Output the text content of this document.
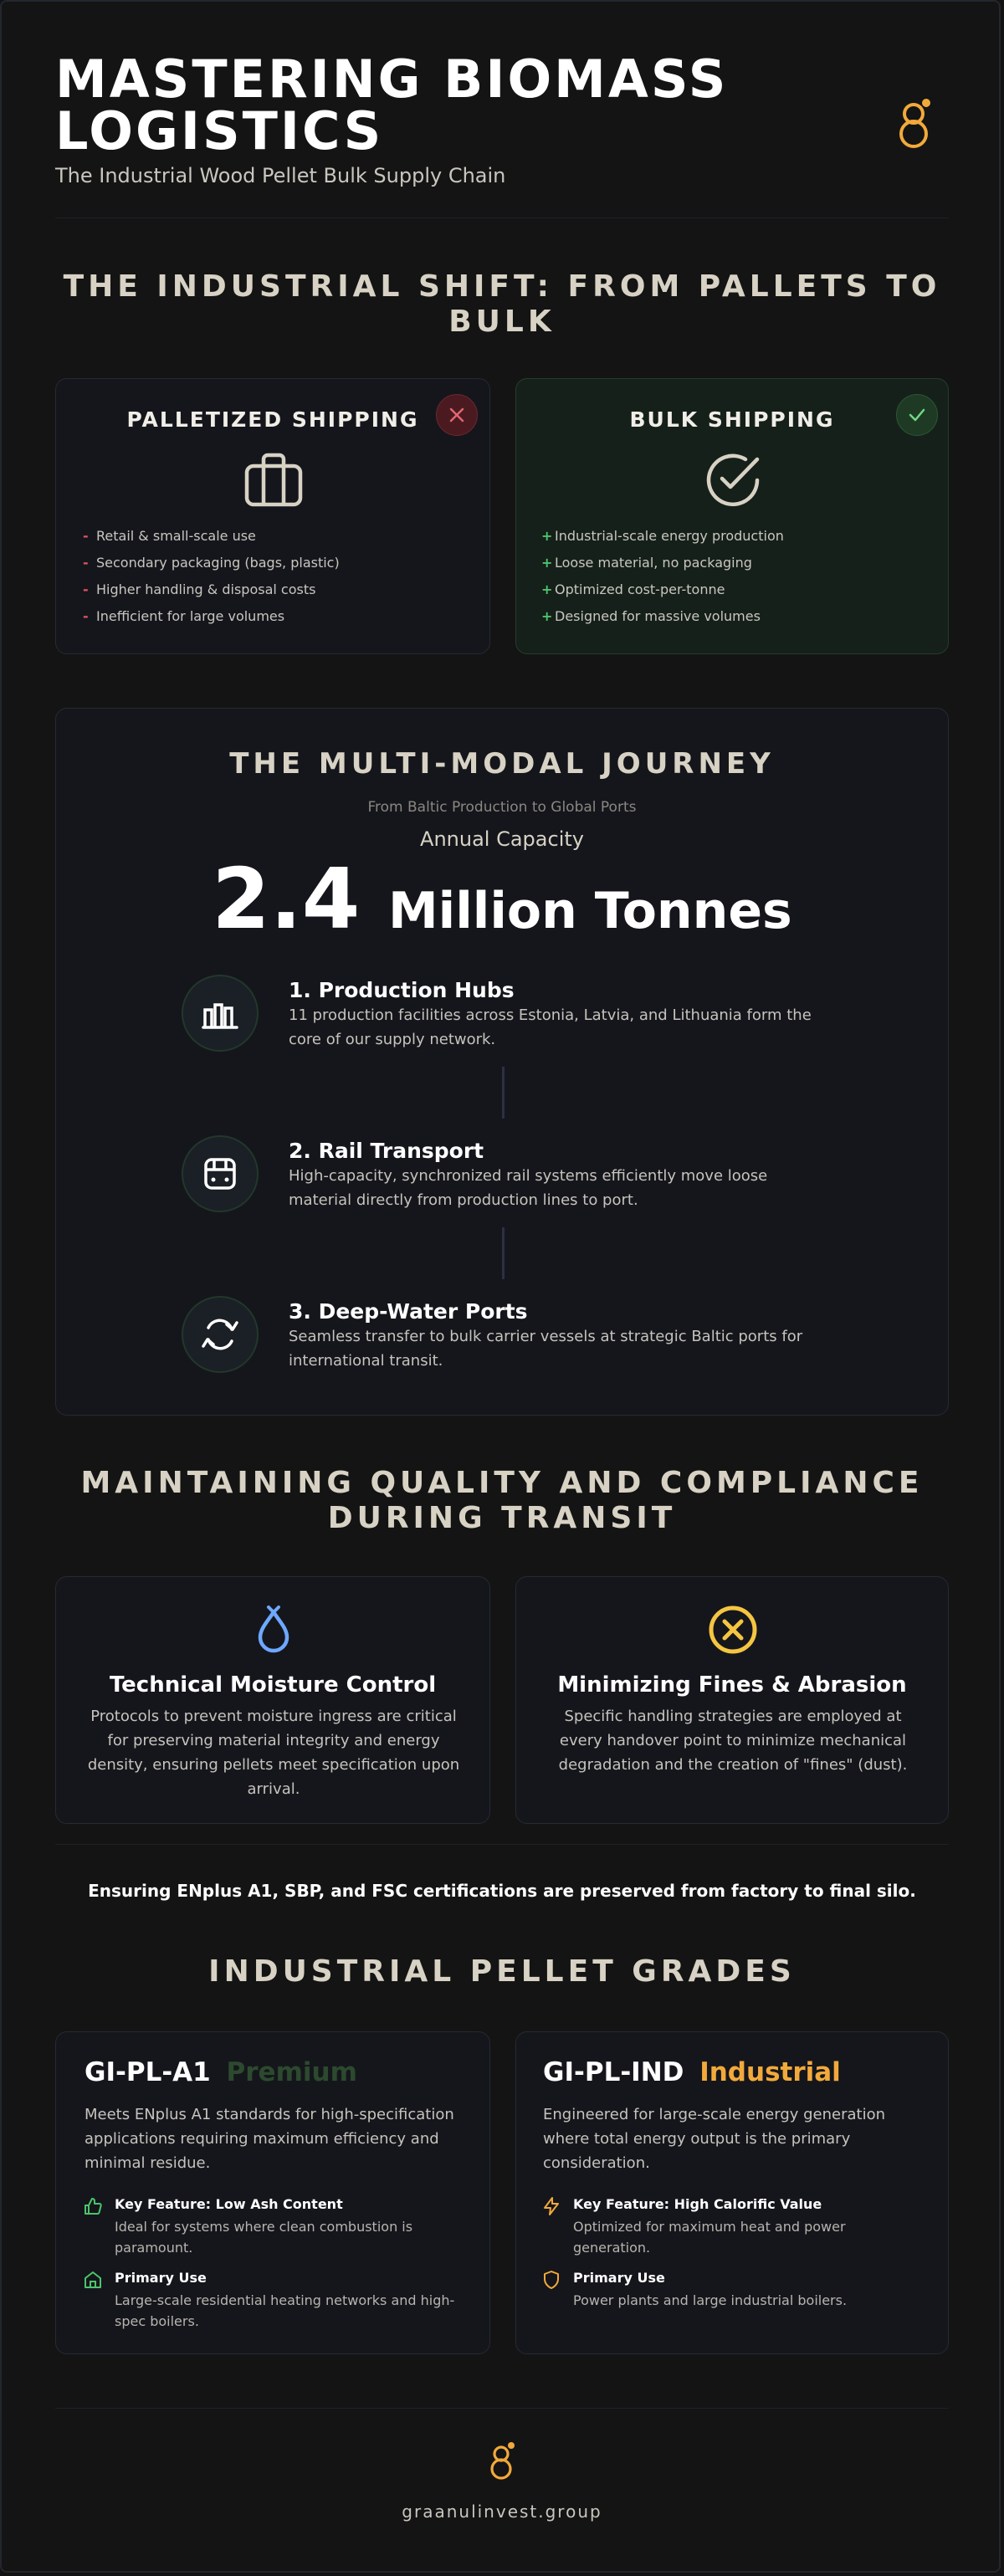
MASTERING BIOMASS LOGISTICS
The Industrial Wood Pellet Bulk Supply Chain
THE INDUSTRIAL SHIFT: FROM PALLETS TO BULK
PALLETIZED SHIPPING
- Retail & small-scale use
- Secondary packaging (bags, plastic)
- Higher handling & disposal costs
- Inefficient for large volumes
BULK SHIPPING
+ Industrial-scale energy production
+ Loose material, no packaging
+ Optimized cost-per-tonne
+ Designed for massive volumes
THE MULTI-MODAL JOURNEY
From Baltic Production to Global Ports
Annual Capacity
2.4 Million Tonnes
1. Production Hubs
11 production facilities across Estonia, Latvia, and Lithuania form the core of our supply network.
2. Rail Transport
High-capacity, synchronized rail systems efficiently move loose material directly from production lines to port.
3. Deep-Water Ports
Seamless transfer to bulk carrier vessels at strategic Baltic ports for international transit.
MAINTAINING QUALITY AND COMPLIANCE DURING TRANSIT
Technical Moisture Control
Protocols to prevent moisture ingress are critical for preserving material integrity and energy density, ensuring pellets meet specification upon arrival.
Minimizing Fines & Abrasion
Specific handling strategies are employed at every handover point to minimize mechanical degradation and the creation of "fines" (dust).
Ensuring ENplus A1, SBP, and FSC certifications are preserved from factory to final silo.
INDUSTRIAL PELLET GRADES
GI-PL-A1 Premium
Meets ENplus A1 standards for high-specification applications requiring maximum efficiency and minimal residue.
Key Feature: Low Ash Content
Ideal for systems where clean combustion is paramount.
Primary Use
Large-scale residential heating networks and high-spec boilers.
GI-PL-IND Industrial
Engineered for large-scale energy generation where total energy output is the primary consideration.
Key Feature: High Calorific Value
Optimized for maximum heat and power generation.
Primary Use
Power plants and large industrial boilers.
graanulinvest.group
